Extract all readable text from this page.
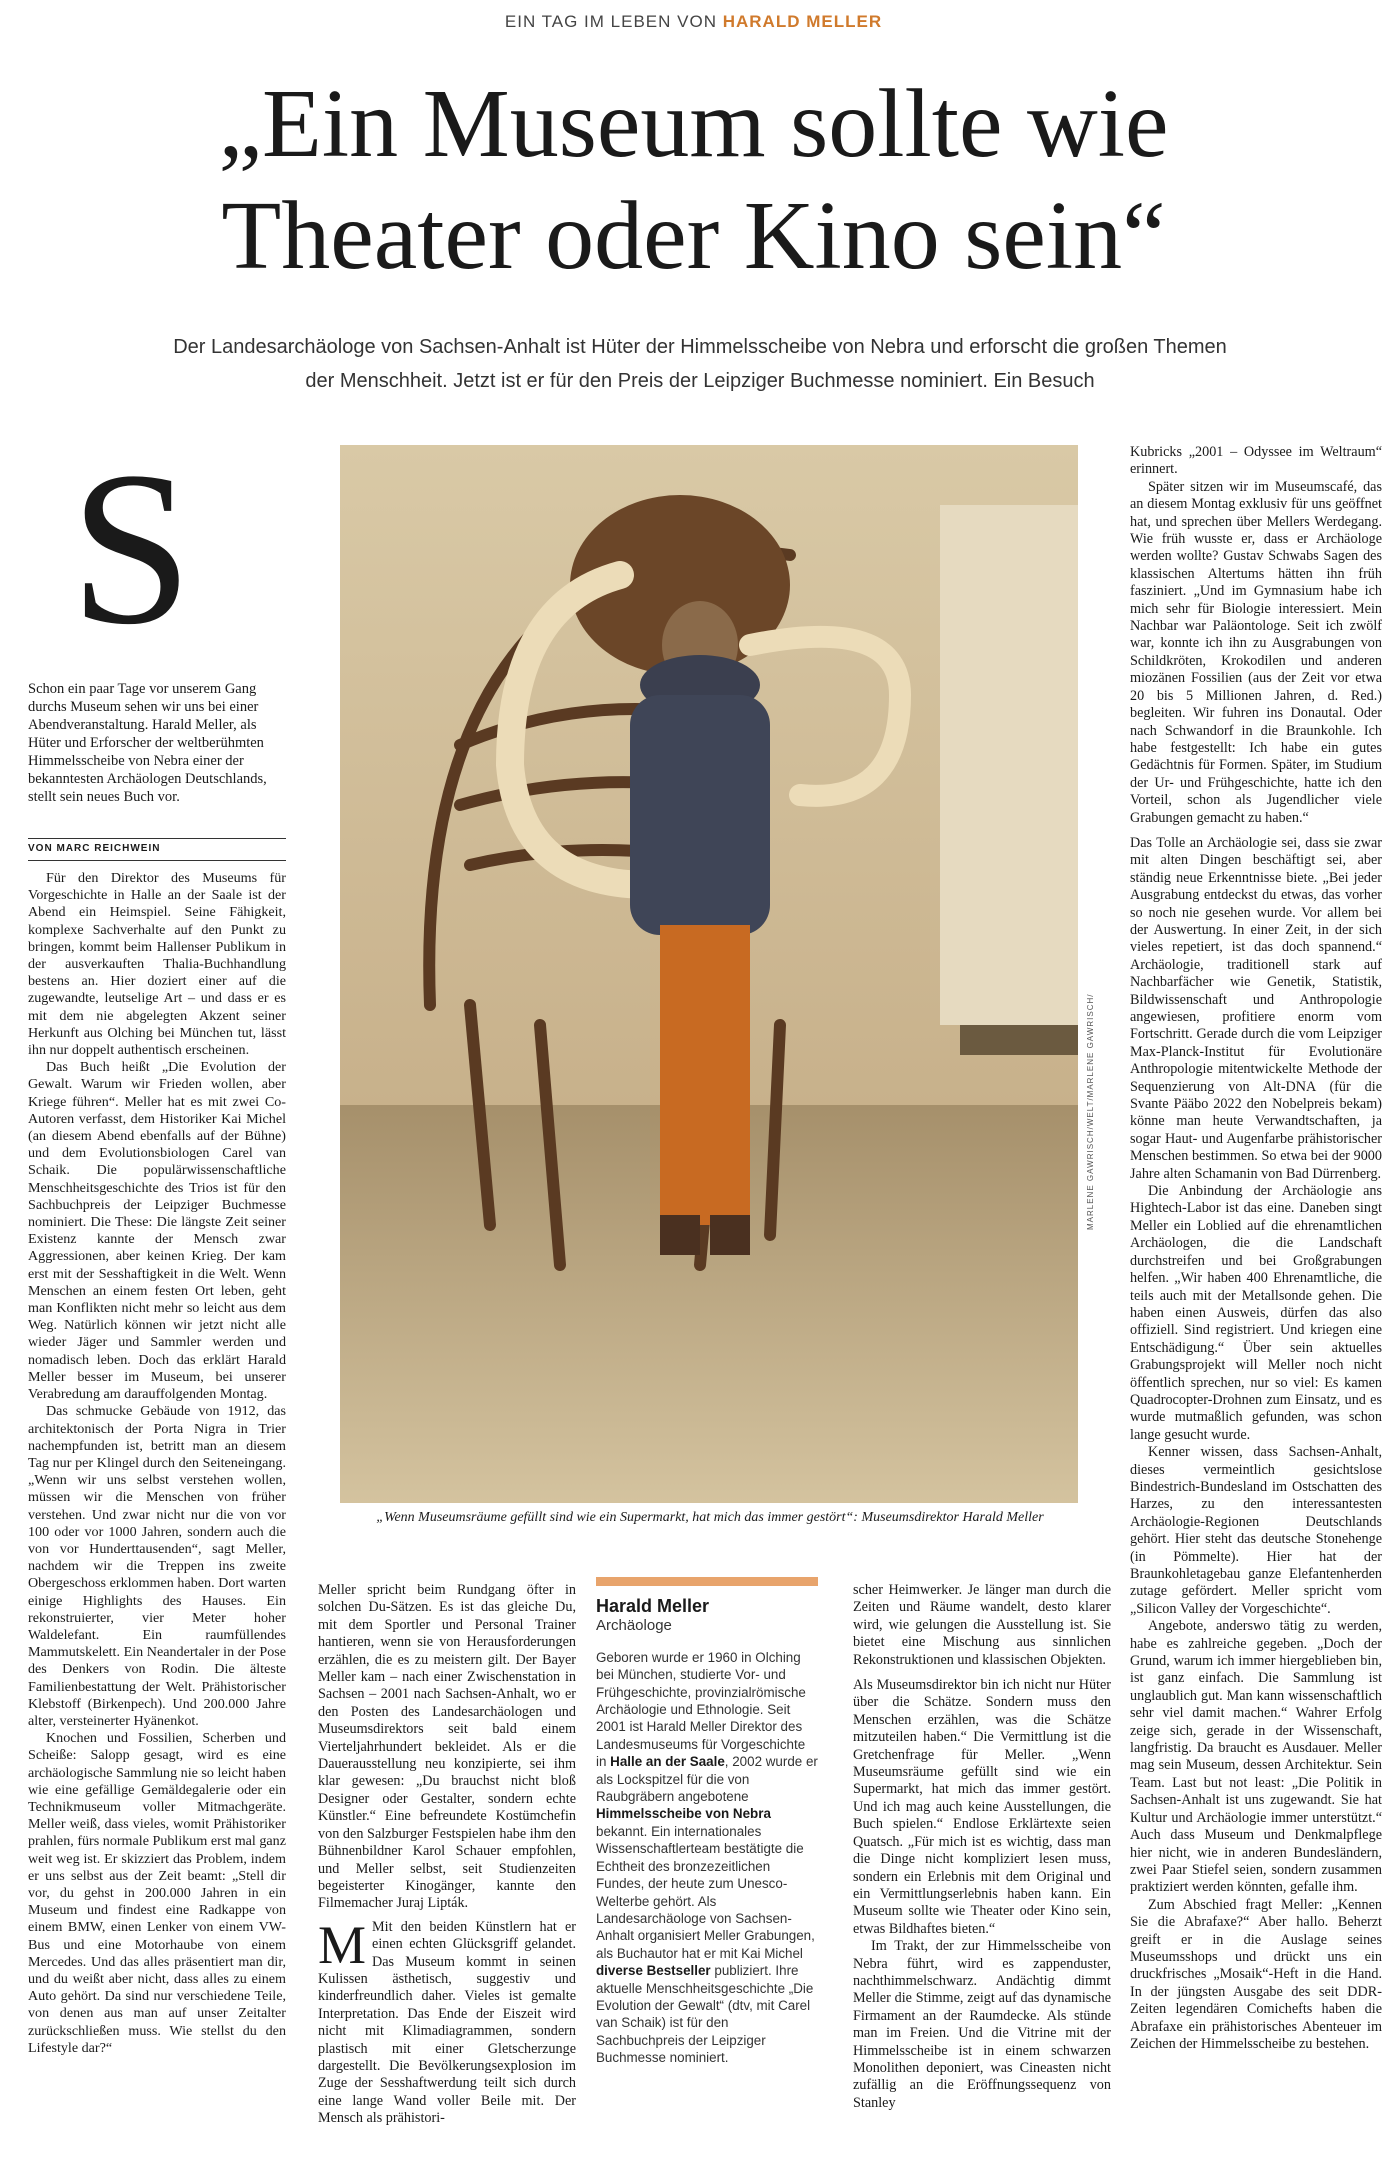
EIN TAG IM LEBEN VON HARALD MELLER
„Ein Museum sollte wie
Theater oder Kino sein“
Der Landesarchäologe von Sachsen-Anhalt ist Hüter der Himmelsscheibe von Nebra und erforscht die großen Themen der Menschheit. Jetzt ist er für den Preis der Leipziger Buchmesse nominiert. Ein Besuch
S
Schon ein paar Tage vor unserem Gang durchs Museum sehen wir uns bei einer Abendveranstaltung. Harald Meller, als Hüter und Erforscher der weltberühmten Himmelsscheibe von Nebra einer der bekanntesten Archäologen Deutschlands, stellt sein neues Buch vor.
VON MARC REICHWEIN

Für den Direktor des Museums für Vorgeschichte in Halle an der Saale ist der Abend ein Heimspiel. Seine Fähigkeit, komplexe Sachverhalte auf den Punkt zu bringen, kommt beim Hallenser Publikum in der ausverkauften Thalia-Buchhandlung bestens an. Hier doziert einer auf die zugewandte, leutselige Art – und dass er es mit dem nie abgelegten Akzent seiner Herkunft aus Olching bei München tut, lässt ihn nur doppelt authentisch erscheinen.

Das Buch heißt „Die Evolution der Gewalt. Warum wir Frieden wollen, aber Kriege führen“. Meller hat es mit zwei Co-Autoren verfasst, dem Historiker Kai Michel (an diesem Abend ebenfalls auf der Bühne) und dem Evolutionsbiologen Carel van Schaik. Die populärwissenschaftliche Menschheitsgeschichte des Trios ist für den Sachbuchpreis der Leipziger Buchmesse nominiert. Die These: Die längste Zeit seiner Existenz kannte der Mensch zwar Aggressionen, aber keinen Krieg. Der kam erst mit der Sesshaftigkeit in die Welt. Wenn Menschen an einem festen Ort leben, geht man Konflikten nicht mehr so leicht aus dem Weg. Natürlich können wir jetzt nicht alle wieder Jäger und Sammler werden und nomadisch leben. Doch das erklärt Harald Meller besser im Museum, bei unserer Verabredung am darauffolgenden Montag.

Das schmucke Gebäude von 1912, das architektonisch der Porta Nigra in Trier nachempfunden ist, betritt man an diesem Tag nur per Klingel durch den Seiteneingang. „Wenn wir uns selbst verstehen wollen, müssen wir die Menschen von früher verstehen. Und zwar nicht nur die von vor 100 oder vor 1000 Jahren, sondern auch die von vor Hunderttausenden“, sagt Meller, nachdem wir die Treppen ins zweite Obergeschoss erklommen haben. Dort warten einige Highlights des Hauses. Ein rekonstruierter, vier Meter hoher Waldelefant. Ein raumfüllendes Mammutskelett. Ein Neandertaler in der Pose des Denkers von Rodin. Die älteste Familienbestattung der Welt. Prähistorischer Klebstoff (Birkenpech). Und 200.000 Jahre alter, versteinerter Hyänenkot.

Knochen und Fossilien, Scherben und Scheiße: Salopp gesagt, wird es eine archäologische Sammlung nie so leicht haben wie eine gefällige Gemäldegalerie oder ein Technikmuseum voller Mitmachgeräte. Meller weiß, dass vieles, womit Prähistoriker prahlen, fürs normale Publikum erst mal ganz weit weg ist. Er skizziert das Problem, indem er uns selbst aus der Zeit beamt: „Stell dir vor, du gehst in 200.000 Jahren in ein Museum und findest eine Radkappe von einem BMW, einen Lenker von einem VW-Bus und eine Motorhaube von einem Mercedes. Und das alles präsentiert man dir, und du weißt aber nicht, dass alles zu einem Auto gehört. Da sind nur verschiedene Teile, von denen aus man auf unser Zeitalter zurückschließen muss. Wie stellst du den Lifestyle dar?“

MARLENE GAWRISCH/WELT/MARLENE GAWRISCH/
„Wenn Museumsräume gefüllt sind wie ein Supermarkt, hat mich das immer gestört“: Museumsdirektor Harald Meller

Meller spricht beim Rundgang öfter in solchen Du-Sätzen. Es ist das gleiche Du, mit dem Sportler und Personal Trainer hantieren, wenn sie von Herausforderungen erzählen, die es zu meistern gilt. Der Bayer Meller kam – nach einer Zwischenstation in Sachsen – 2001 nach Sachsen-Anhalt, wo er den Posten des Landesarchäologen und Museumsdirektors seit bald einem Vierteljahrhundert bekleidet. Als er die Dauerausstellung neu konzipierte, sei ihm klar gewesen: „Du brauchst nicht bloß Designer oder Gestalter, sondern echte Künstler.“ Eine befreundete Kostümchefin von den Salzburger Festspielen habe ihm den Bühnenbildner Karol Schauer empfohlen, und Meller selbst, seit Studienzeiten begeisterter Kinogänger, kannte den Filmemacher Juraj Lipták.

M Mit den beiden Künstlern hat er einen echten Glücksgriff gelandet. Das Museum kommt in seinen Kulissen ästhetisch, suggestiv und kinderfreundlich daher. Vieles ist gemalte Interpretation. Das Ende der Eiszeit wird nicht mit Klimadiagrammen, sondern plastisch mit einer Gletscherzunge dargestellt. Die Bevölkerungsexplosion im Zuge der Sesshaftwerdung teilt sich durch eine lange Wand voller Beile mit. Der Mensch als prähistori-

Harald Meller
Archäologe
Geboren wurde er 1960 in Olching bei München, studierte Vor- und Frühgeschichte, provinzialrömische Archäologie und Ethnologie. Seit 2001 ist Harald Meller Direktor des Landesmuseums für Vorgeschichte in Halle an der Saale, 2002 wurde er als Lockspitzel für die von Raubgräbern angebotene Himmelsscheibe von Nebra bekannt. Ein internationales Wissenschaftlerteam bestätigte die Echtheit des bronzezeitlichen Fundes, der heute zum Unesco-Welterbe gehört. Als Landesarchäologe von Sachsen-Anhalt organisiert Meller Grabungen, als Buchautor hat er mit Kai Michel diverse Bestseller publiziert. Ihre aktuelle Menschheitsgeschichte „Die Evolution der Gewalt“ (dtv, mit Carel van Schaik) ist für den Sachbuchpreis der Leipziger Buchmesse nominiert.

scher Heimwerker. Je länger man durch die Zeiten und Räume wandelt, desto klarer wird, wie gelungen die Ausstellung ist. Sie bietet eine Mischung aus sinnlichen Rekonstruktionen und klassischen Objekten.

Als Museumsdirektor bin ich nicht nur Hüter über die Schätze. Sondern muss den Menschen erzählen, was die Schätze mitzuteilen haben.“ Die Vermittlung ist die Gretchenfrage für Meller. „Wenn Museumsräume gefüllt sind wie ein Supermarkt, hat mich das immer gestört. Und ich mag auch keine Ausstellungen, die Buch spielen.“ Endlose Erklärtexte seien Quatsch. „Für mich ist es wichtig, dass man die Dinge nicht kompliziert lesen muss, sondern ein Erlebnis mit dem Original und ein Vermittlungserlebnis haben kann. Ein Museum sollte wie Theater oder Kino sein, etwas Bildhaftes bieten.“

Im Trakt, der zur Himmelsscheibe von Nebra führt, wird es zappenduster, nachthimmelschwarz. Andächtig dimmt Meller die Stimme, zeigt auf das dynamische Firmament an der Raumdecke. Als stünde man im Freien. Und die Vitrine mit der Himmelsscheibe ist in einem schwarzen Monolithen deponiert, was Cineasten nicht zufällig an die Eröffnungssequenz von Stanley

Kubricks „2001 – Odyssee im Weltraum“ erinnert.

Später sitzen wir im Museumscafé, das an diesem Montag exklusiv für uns geöffnet hat, und sprechen über Mellers Werdegang. Wie früh wusste er, dass er Archäologe werden wollte? Gustav Schwabs Sagen des klassischen Altertums hätten ihn früh fasziniert. „Und im Gymnasium habe ich mich sehr für Biologie interessiert. Mein Nachbar war Paläontologe. Seit ich zwölf war, konnte ich ihn zu Ausgrabungen von Schildkröten, Krokodilen und anderen miozänen Fossilien (aus der Zeit vor etwa 20 bis 5 Millionen Jahren, d. Red.) begleiten. Wir fuhren ins Donautal. Oder nach Schwandorf in die Braunkohle. Ich habe festgestellt: Ich habe ein gutes Gedächtnis für Formen. Später, im Studium der Ur- und Frühgeschichte, hatte ich den Vorteil, schon als Jugendlicher viele Grabungen gemacht zu haben.“

Das Tolle an Archäologie sei, dass sie zwar mit alten Dingen beschäftigt sei, aber ständig neue Erkenntnisse biete. „Bei jeder Ausgrabung entdeckst du etwas, das vorher so noch nie gesehen wurde. Vor allem bei der Auswertung. In einer Zeit, in der sich vieles repetiert, ist das doch spannend.“ Archäologie, traditionell stark auf Nachbarfächer wie Genetik, Statistik, Bildwissenschaft und Anthropologie angewiesen, profitiere enorm vom Fortschritt. Gerade durch die vom Leipziger Max-Planck-Institut für Evolutionäre Anthropologie mitentwickelte Methode der Sequenzierung von Alt-DNA (für die Svante Pääbo 2022 den Nobelpreis bekam) könne man heute Verwandtschaften, ja sogar Haut- und Augenfarbe prähistorischer Menschen bestimmen. So etwa bei der 9000 Jahre alten Schamanin von Bad Dürrenberg.

Die Anbindung der Archäologie ans Hightech-Labor ist das eine. Daneben singt Meller ein Loblied auf die ehrenamtlichen Archäologen, die die Landschaft durchstreifen und bei Großgrabungen helfen. „Wir haben 400 Ehrenamtliche, die teils auch mit der Metallsonde gehen. Die haben einen Ausweis, dürfen das also offiziell. Sind registriert. Und kriegen eine Entschädigung.“ Über sein aktuelles Grabungsprojekt will Meller noch nicht öffentlich sprechen, nur so viel: Es kamen Quadrocopter-Drohnen zum Einsatz, und es wurde mutmaßlich gefunden, was schon lange gesucht wurde.

Kenner wissen, dass Sachsen-Anhalt, dieses vermeintlich gesichtslose Bindestrich-Bundesland im Ostschatten des Harzes, zu den interessantesten Archäologie-Regionen Deutschlands gehört. Hier steht das deutsche Stonehenge (in Pömmelte). Hier hat der Braunkohletagebau ganze Elefantenherden zutage gefördert. Meller spricht vom „Silicon Valley der Vorgeschichte“.

Angebote, anderswo tätig zu werden, habe es zahlreiche gegeben. „Doch der Grund, warum ich immer hiergeblieben bin, ist ganz einfach. Die Sammlung ist unglaublich gut. Man kann wissenschaftlich sehr viel damit machen.“ Wahrer Erfolg zeige sich, gerade in der Wissenschaft, langfristig. Da braucht es Ausdauer. Meller mag sein Museum, dessen Architektur. Sein Team. Last but not least: „Die Politik in Sachsen-Anhalt ist uns zugewandt. Sie hat Kultur und Archäologie immer unterstützt.“ Auch dass Museum und Denkmalpflege hier nicht, wie in anderen Bundesländern, zwei Paar Stiefel seien, sondern zusammen praktiziert werden könnten, gefalle ihm.

Zum Abschied fragt Meller: „Kennen Sie die Abrafaxe?“ Aber hallo. Beherzt greift er in die Auslage seines Museumsshops und drückt uns ein druckfrisches „Mosaik“-Heft in die Hand. In der jüngsten Ausgabe des seit DDR-Zeiten legendären Comichefts haben die Abrafaxe ein prähistorisches Abenteuer im Zeichen der Himmelsscheibe zu bestehen.
